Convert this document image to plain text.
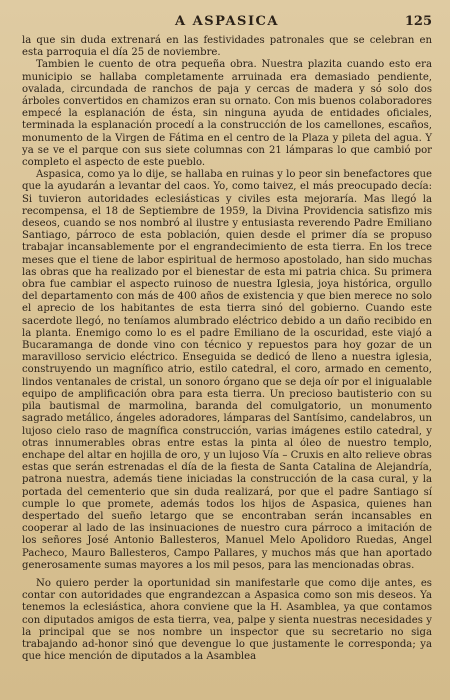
A ASPASICA	125

la que sin duda extrenará en las festividades patronales que se celebran en esta parroquia el día 25 de noviembre.

Tambien le cuento de otra pequeña obra. Nuestra plazita cuando esto era municipio se hallaba completamente arruinada era demasiado pendiente, ovalada, circundada de ranchos de paja y cercas de madera y só solo dos árboles convertidos en chamizos eran su ornato. Con mis buenos colaboradores empecé la esplanación de ésta, sin ninguna ayuda de entidades oficiales, terminada la esplanación procedí a la construcción de los camellones, escaños, monumento de la Virgen de Fátima en el centro de la Plaza y pileta del agua. Y ya se ve el parque con sus siete columnas con 21 lámparas lo que cambió por completo el aspecto de este pueblo.

Aspasica, como ya lo dije, se hallaba en ruinas y lo peor sin benefactores que que la ayudarán a levantar del caos. Yo, como taivez, el más preocupado decía: Si tuvieron autoridades eclesiásticas y civiles esta mejoraría. Mas llegó la recompensa, el 18 de Septiembre de 1959, la Divina Providencia satisfizo mis deseos, cuando se nos nombró al ilustre y entusiasta reverendo Padre Emiliano Santiago, párroco de esta población, quien desde el primer día se propuso trabajar incansablemente por el engrandecimiento de esta tierra. En los trece meses que el tiene de labor espiritual de hermoso apostolado, han sido muchas las obras que ha realizado por el bienestar de esta mi patria chica. Su primera obra fue cambiar el aspecto ruinoso de nuestra Iglesia, joya histórica, orgullo del departamento con más de 400 años de existencia y que bien merece no solo el aprecio de los habitantes de esta tierra sinó del gobierno. Cuando este sacerdote llegó, no teníamos alumbrado eléctrico debido a un daño recibido en la planta. Enemigo como lo es el padre Emiliano de la oscuridad, este viajó a Bucaramanga de donde vino con técnico y repuestos para hoy gozar de un maravilloso servicio eléctrico. Enseguida se dedicó de lleno a nuestra iglesia, construyendo un magnífico atrio, estilo catedral, el coro, armado en cemento, lindos ventanales de cristal, un sonoro órgano que se deja oír por el inigualable equipo de amplificación obra para esta tierra. Un precioso bautisterio con su pila bautismal de marmolina, baranda del comulgatorio, un monumento sagrado metálico, ángeles adoradores, lámparas del Santísimo, candelabros, un lujoso cielo raso de magnífica construcción, varias imágenes estilo catedral, y otras innumerables obras entre estas la pinta al óleo de nuestro templo, enchape del altar en hojilla de oro, y un lujoso Vía – Cruxis en alto relieve obras estas que serán estrenadas el día de la fiesta de Santa Catalina de Alejandría, patrona nuestra, además tiene iniciadas la construcción de la casa cural, y la portada del cementerio que sin duda realizará, por que el padre Santiago sí cumple lo que promete, además todos los hijos de Aspasica, quienes han despertado del sueño letargo que se encontraban serán incansables en cooperar al lado de las insinuaciones de nuestro cura párroco a imitación de los señores José Antonio Ballesteros, Manuel Melo Apolidoro Ruedas, Angel Pacheco, Mauro Ballesteros, Campo Pallares, y muchos más que han aportado generosamente sumas mayores a los mil pesos, para las mencionadas obras.

No quiero perder la oportunidad sin manifestarle que como dije antes, es contar con autoridades que engrandezcan a Aspasica como son mis deseos. Ya tenemos la eclesiástica, ahora conviene que la H. Asamblea, ya que contamos con diputados amigos de esta tierra, vea, palpe y sienta nuestras necesidades y la principal que se nos nombre un inspector que su secretario no siga trabajando ad-honor sinó que devengue lo que justamente le corresponda; ya que hice mención de diputados a la Asamblea
